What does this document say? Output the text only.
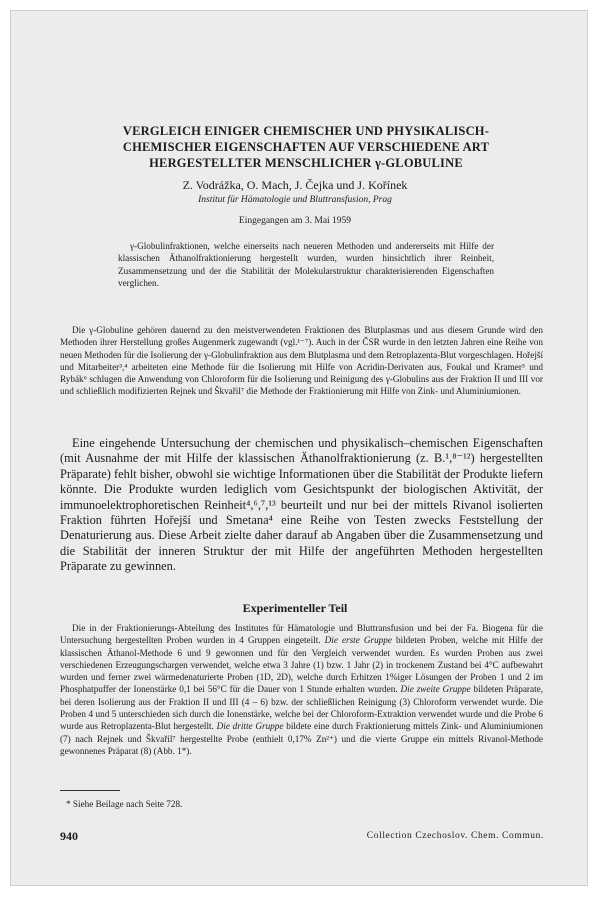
VERGLEICH EINIGER CHEMISCHER UND PHYSIKALISCH-
CHEMISCHER EIGENSCHAFTEN AUF VERSCHIEDENE ART
HERGESTELLTER MENSCHLICHER γ-GLOBULINE
Z. Vodrážka, O. Mach, J. Čejka und J. Kořínek
Institut für Hämatologie und Bluttransfusion, Prag
Eingegangen am 3. Mai 1959
γ-Globulinfraktionen, welche einerseits nach neueren Methoden und andererseits mit Hilfe der klassischen Äthanolfraktionierung hergestellt wurden, wurden hinsichtlich ihrer Reinheit, Zusammensetzung und der die Stabilität der Molekularstruktur charakterisierenden Eigenschaften verglichen.
Die γ-Globuline gehören dauernd zu den meistverwendeten Fraktionen des Blutplasmas und aus diesem Grunde wird den Methoden ihrer Herstellung großes Augenmerk zugewandt (vgl.¹⁻⁷). Auch in der ČSR wurde in den letzten Jahren eine Reihe von neuen Methoden für die Isolierung der γ-Globulinfraktion aus dem Blutplasma und dem Retroplazenta-Blut vorgeschlagen. Hořejší und Mitarbeiter³,⁴ arbeiteten eine Methode für die Isolierung mit Hilfe von Acridin-Derivaten aus, Foukal und Kramer⁵ und Rybák⁶ schlugen die Anwendung von Chloroform für die Isolierung und Reinigung des γ-Globulins aus der Fraktion II und III vor und schließlich modifizierten Rejnek und Škvařil⁷ die Methode der Fraktionierung mit Hilfe von Zink- und Aluminiumionen.
Eine eingehende Untersuchung der chemischen und physikalisch–chemischen Eigenschaften (mit Ausnahme der mit Hilfe der klassischen Äthanolfraktionierung (z. B.¹,⁸⁻¹²) hergestellten Präparate) fehlt bisher, obwohl sie wichtige Informationen über die Stabilität der Produkte liefern könnte. Die Produkte wurden lediglich vom Gesichtspunkt der biologischen Aktivität, der immunoelektrophoretischen Reinheit⁴,⁶,⁷,¹³ beurteilt und nur bei der mittels Rivanol isolierten Fraktion führten Hořejší und Smetana⁴ eine Reihe von Testen zwecks Feststellung der Denaturierung aus. Diese Arbeit zielte daher darauf ab Angaben über die Zusammensetzung und die Stabilität der inneren Struktur der mit Hilfe der angeführten Methoden hergestellten Präparate zu gewinnen.
Experimenteller Teil
Die in der Fraktionierungs-Abteilung des Institutes für Hämatologie und Bluttransfusion und bei der Fa. Biogena für die Untersuchung hergestellten Proben wurden in 4 Gruppen eingeteilt. Die erste Gruppe bildeten Proben, welche mit Hilfe der klassischen Äthanol-Methode 6 und 9 gewonnen und für den Vergleich verwendet wurden. Es wurden Proben aus zwei verschiedenen Erzeugungschargen verwendet, welche etwa 3 Jahre (1) bzw. 1 Jahr (2) in trockenem Zustand bei 4°C aufbewahrt wurden und ferner zwei wärmedenaturierte Proben (1D, 2D), welche durch Erhitzen 1%iger Lösungen der Proben 1 und 2 im Phosphatpuffer der Ionenstärke 0,1 bei 56°C für die Dauer von 1 Stunde erhalten wurden. Die zweite Gruppe bildeten Präparate, bei deren Isolierung aus der Fraktion II und III (4 – 6) bzw. der schließlichen Reinigung (3) Chloroform verwendet wurde. Die Proben 4 und 5 unterschieden sich durch die Ionenstärke, welche bei der Chloroform-Extraktion verwendet wurde und die Probe 6 wurde aus Retroplazenta-Blut hergestellt. Die dritte Gruppe bildete eine durch Fraktionierung mittels Zink- und Aluminiumionen (7) nach Rejnek und Škvařil⁷ hergestellte Probe (enthielt 0,17% Zn²⁺) und die vierte Gruppe ein mittels Rivanol-Methode gewonnenes Präparat (8) (Abb. 1*).
* Siehe Beilage nach Seite 728.
940	Collection Czechoslov. Chem. Commun.
